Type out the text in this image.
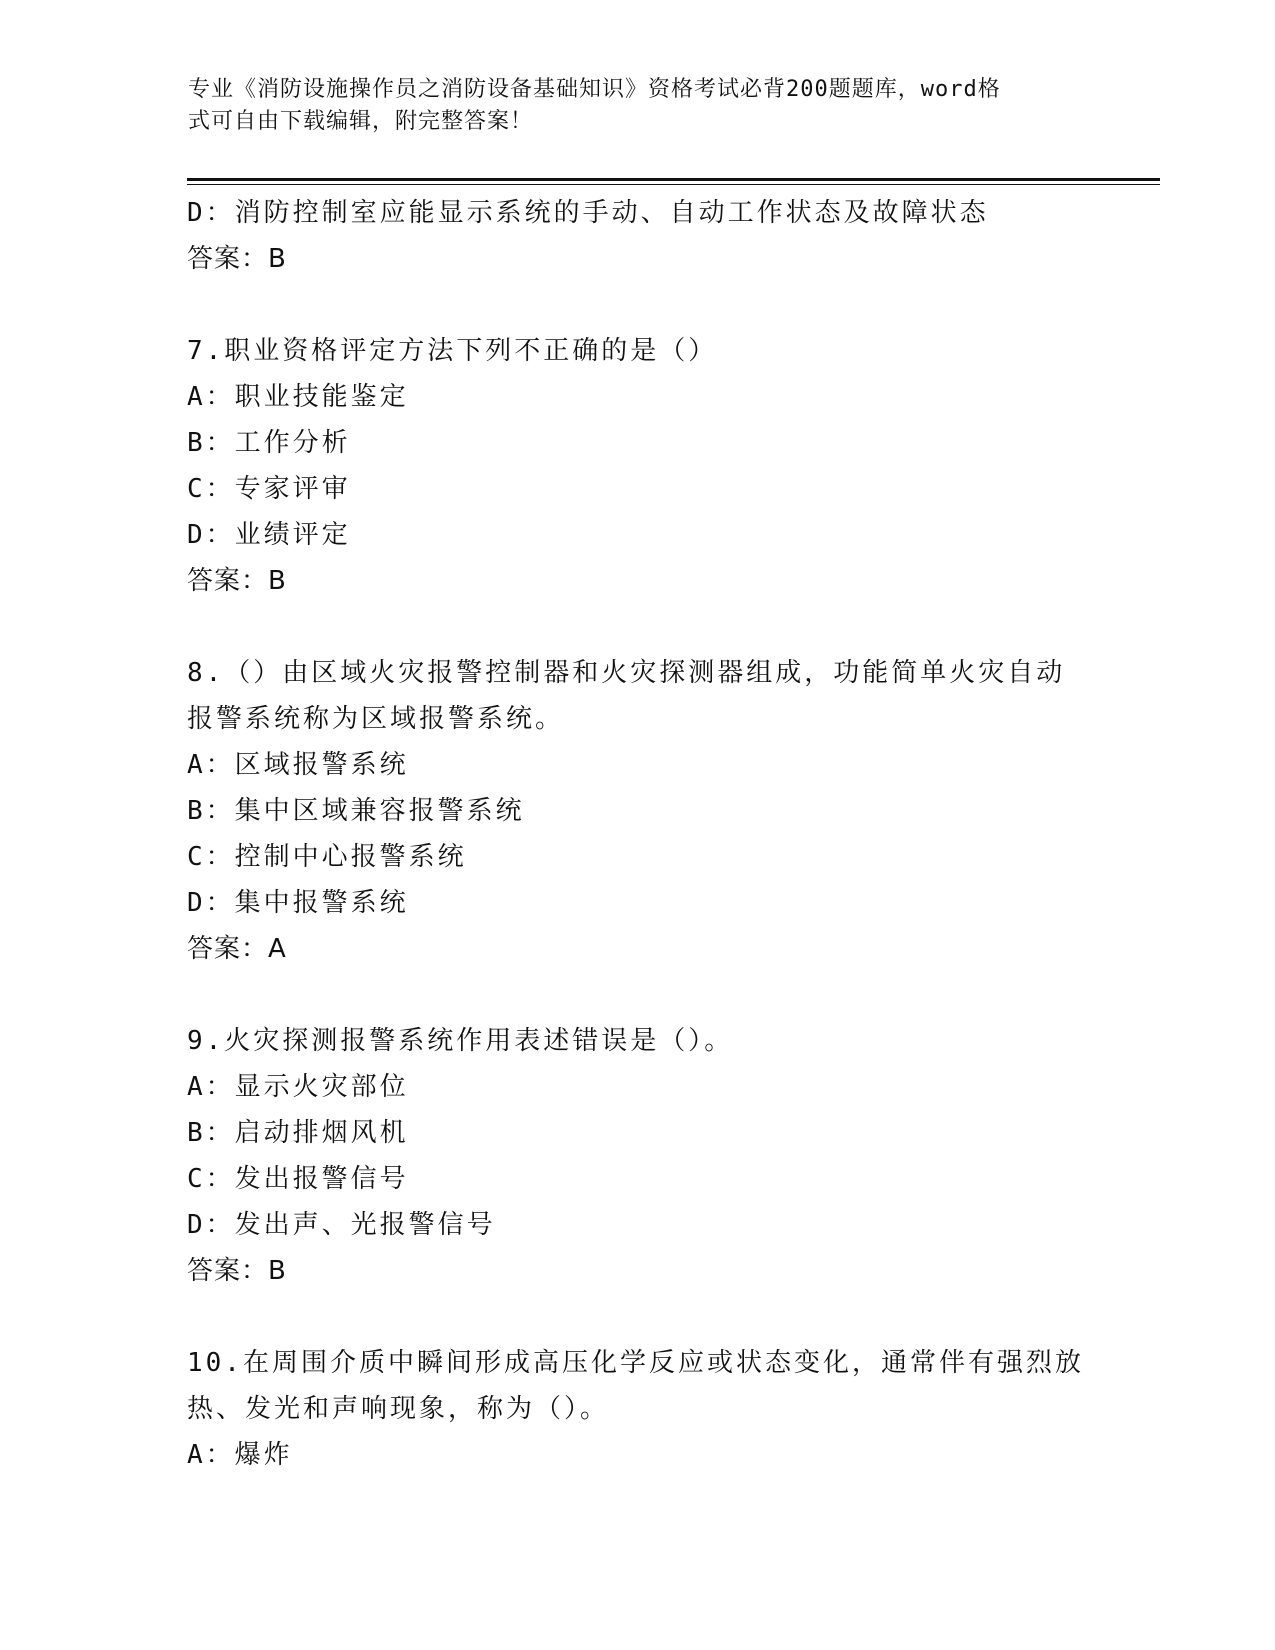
专业《消防设施操作员之消防设备基础知识》资格考试必背200题题库，word格
式可自由下载编辑，附完整答案！
D：消防控制室应能显示系统的手动、自动工作状态及故障状态
答案：B
7.职业资格评定方法下列不正确的是（）
A：职业技能鉴定
B：工作分析
C：专家评审
D：业绩评定
答案：B
8.（）由区域火灾报警控制器和火灾探测器组成，功能简单火灾自动
报警系统称为区域报警系统。
A：区域报警系统
B：集中区域兼容报警系统
C：控制中心报警系统
D：集中报警系统
答案：A
9.火灾探测报警系统作用表述错误是（）。
A：显示火灾部位
B：启动排烟风机
C：发出报警信号
D：发出声、光报警信号
答案：B
10.在周围介质中瞬间形成高压化学反应或状态变化，通常伴有强烈放
热、发光和声响现象，称为（）。
A：爆炸
